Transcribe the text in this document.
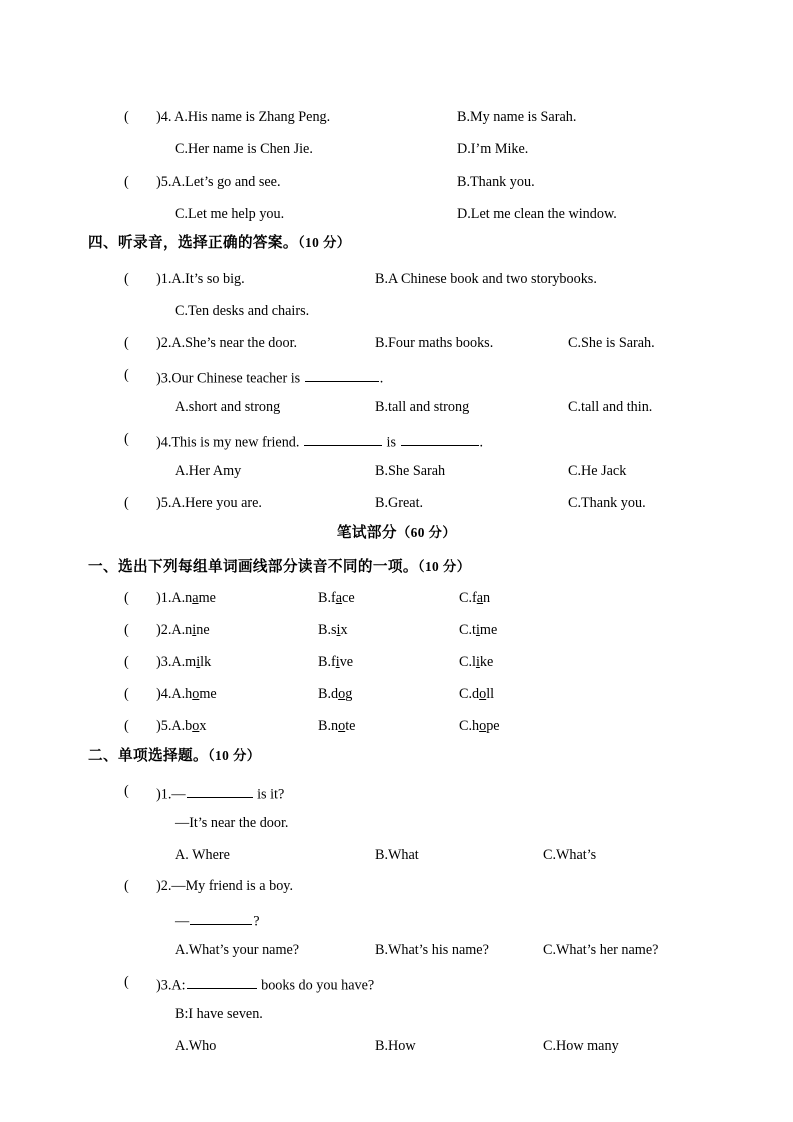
( )4. A.His name is Zhang Peng.	B.My name is Sarah.
C.Her name is Chen Jie.	D.I’m Mike.
( )5.A.Let’s go and see.	B.Thank you.
C.Let me help you.	D.Let me clean the window.
四、听录音，选择正确的答案。（10 分）
( )1.A.It’s so big.	B.A Chinese book and two storybooks.
C.Ten desks and chairs.
( )2.A.She’s near the door.	B.Four maths books.	C.She is Sarah.
( )3.Our Chinese teacher is	.
A.short and strong	B.tall and strong	C.tall and thin.
( )4.This is my new friend.	is	.
A.Her Amy	B.She Sarah	C.He Jack
( )5.A.Here you are.	B.Great.	C.Thank you.
笔试部分（60 分）
一、选出下列每组单词画线部分读音不同的一项。（10 分）
( )1.A.name	B.face	C.fan
( )2.A.nine	B.six	C.time
( )3.A.milk	B.five	C.like
( )4.A.home	B.dog	C.doll
( )5.A.box	B.note	C.hope
二、单项选择题。（10 分）
( )1.—	is it?
—It’s near the door.
A. Where	B.What	C.What’s
( )2.—My friend is a boy.
—	?
A.What’s your name?	B.What’s his name?	C.What’s her name?
( )3.A:	books do you have?
B:I have seven.
A.Who	B.How	C.How many
